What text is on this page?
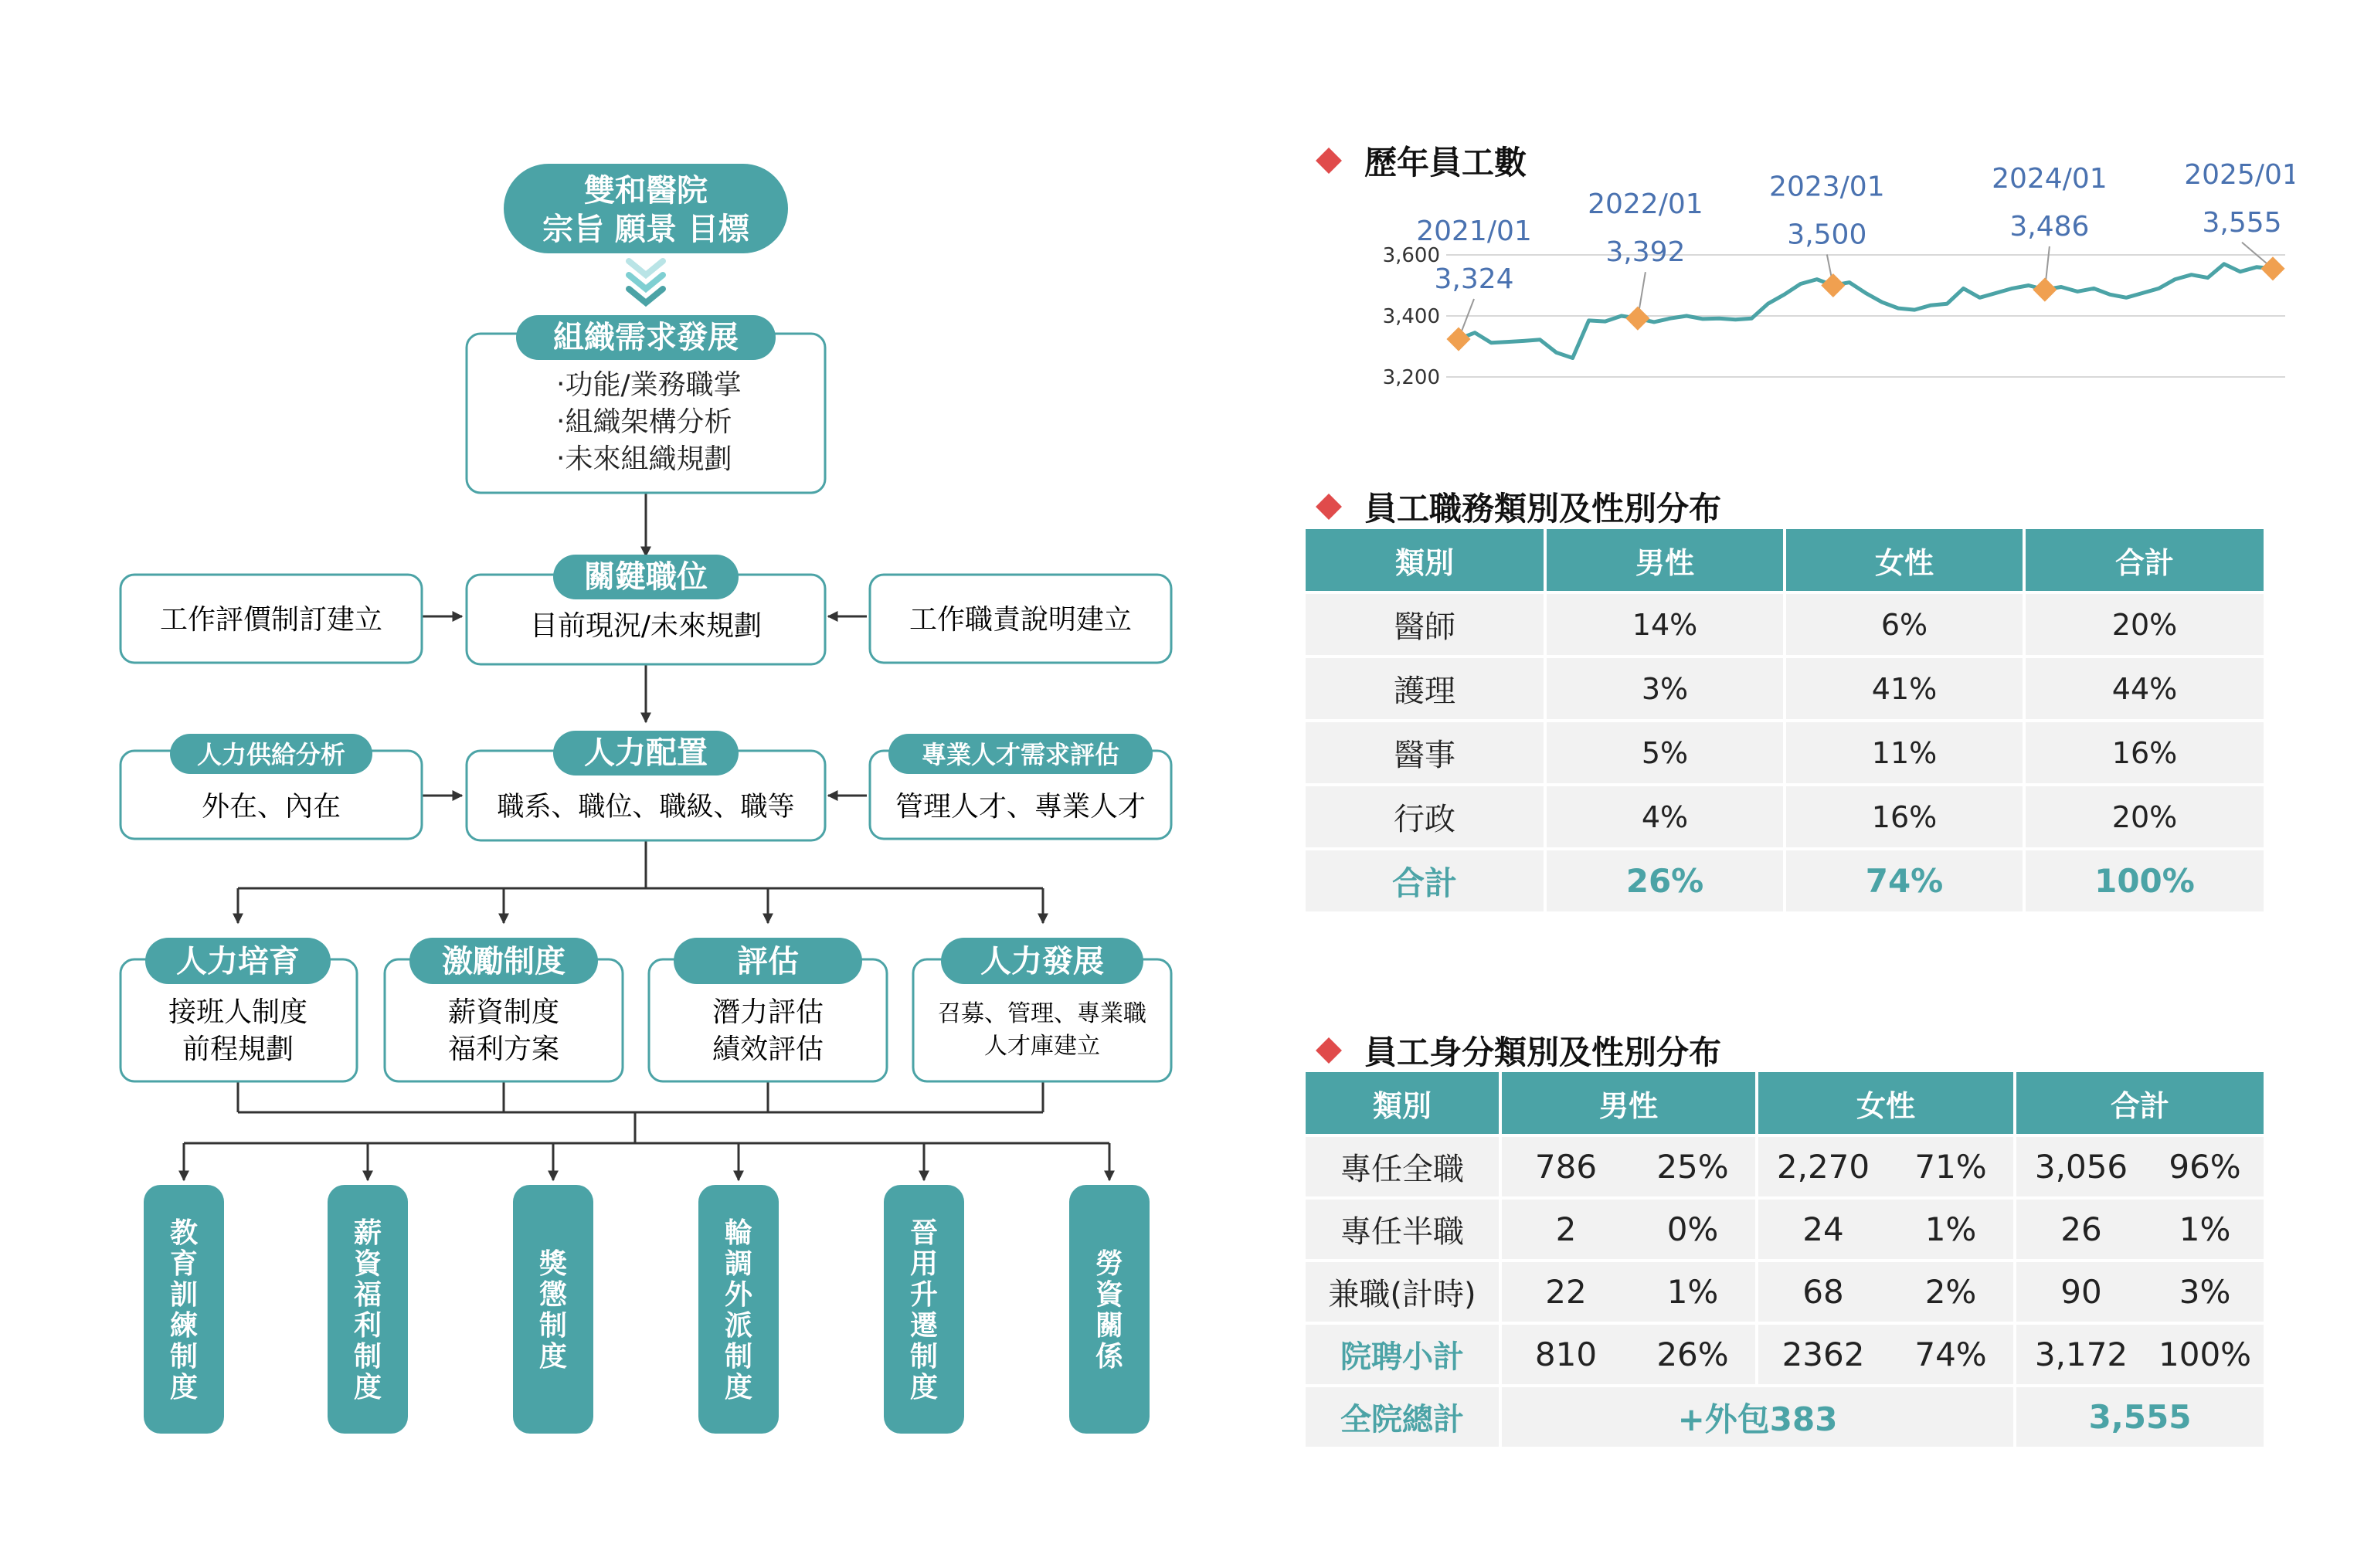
雙和醫院
宗旨 願景 目標
組織需求發展
‧功能/業務職掌
‧組織架構分析
‧未來組織規劃
工作評價制訂建立
關鍵職位
目前現況/未來規劃	工作職責說明建立
人力供給分析
外在、內在
人力配置
職系、職位、職級、職等
專業人才需求評估
管理人才、專業人才
人力培育
接班人制度
前程規劃
激勵制度
薪資制度
福利方案
評估
潛力評估
績效評估
人力發展
召募、管理、專業職
人才庫建立
教育訓練制度
薪資福利制度
獎懲制度
輪調外派制度
晉用升遷制度
勞資關係
歷年員工數
3,200
3,400
3,600
2021/01
3,324
2022/01
3,392
2023/01
3,500
2024/01
3,486
2025/01
3,555
員工職務類別及性別分布
類別	男性	女性	合計
醫師	14%	6%	20%
護理	3%	41%	44%
醫事	5%	11%	16%
行政	4%	16%	20%
合計	26%	74%	100%
員工身分類別及性別分布
類別	男性		女性		合計	
專任全職	786	25%	2,270	71%	3,056	96%
專任半職	2	0%	24	1%	26	1%
兼職(計時)	22	1%	68	2%	90	3%
院聘小計	810	26%	2362	74%	3,172	100%
全院總計	+外包383				3,555	
